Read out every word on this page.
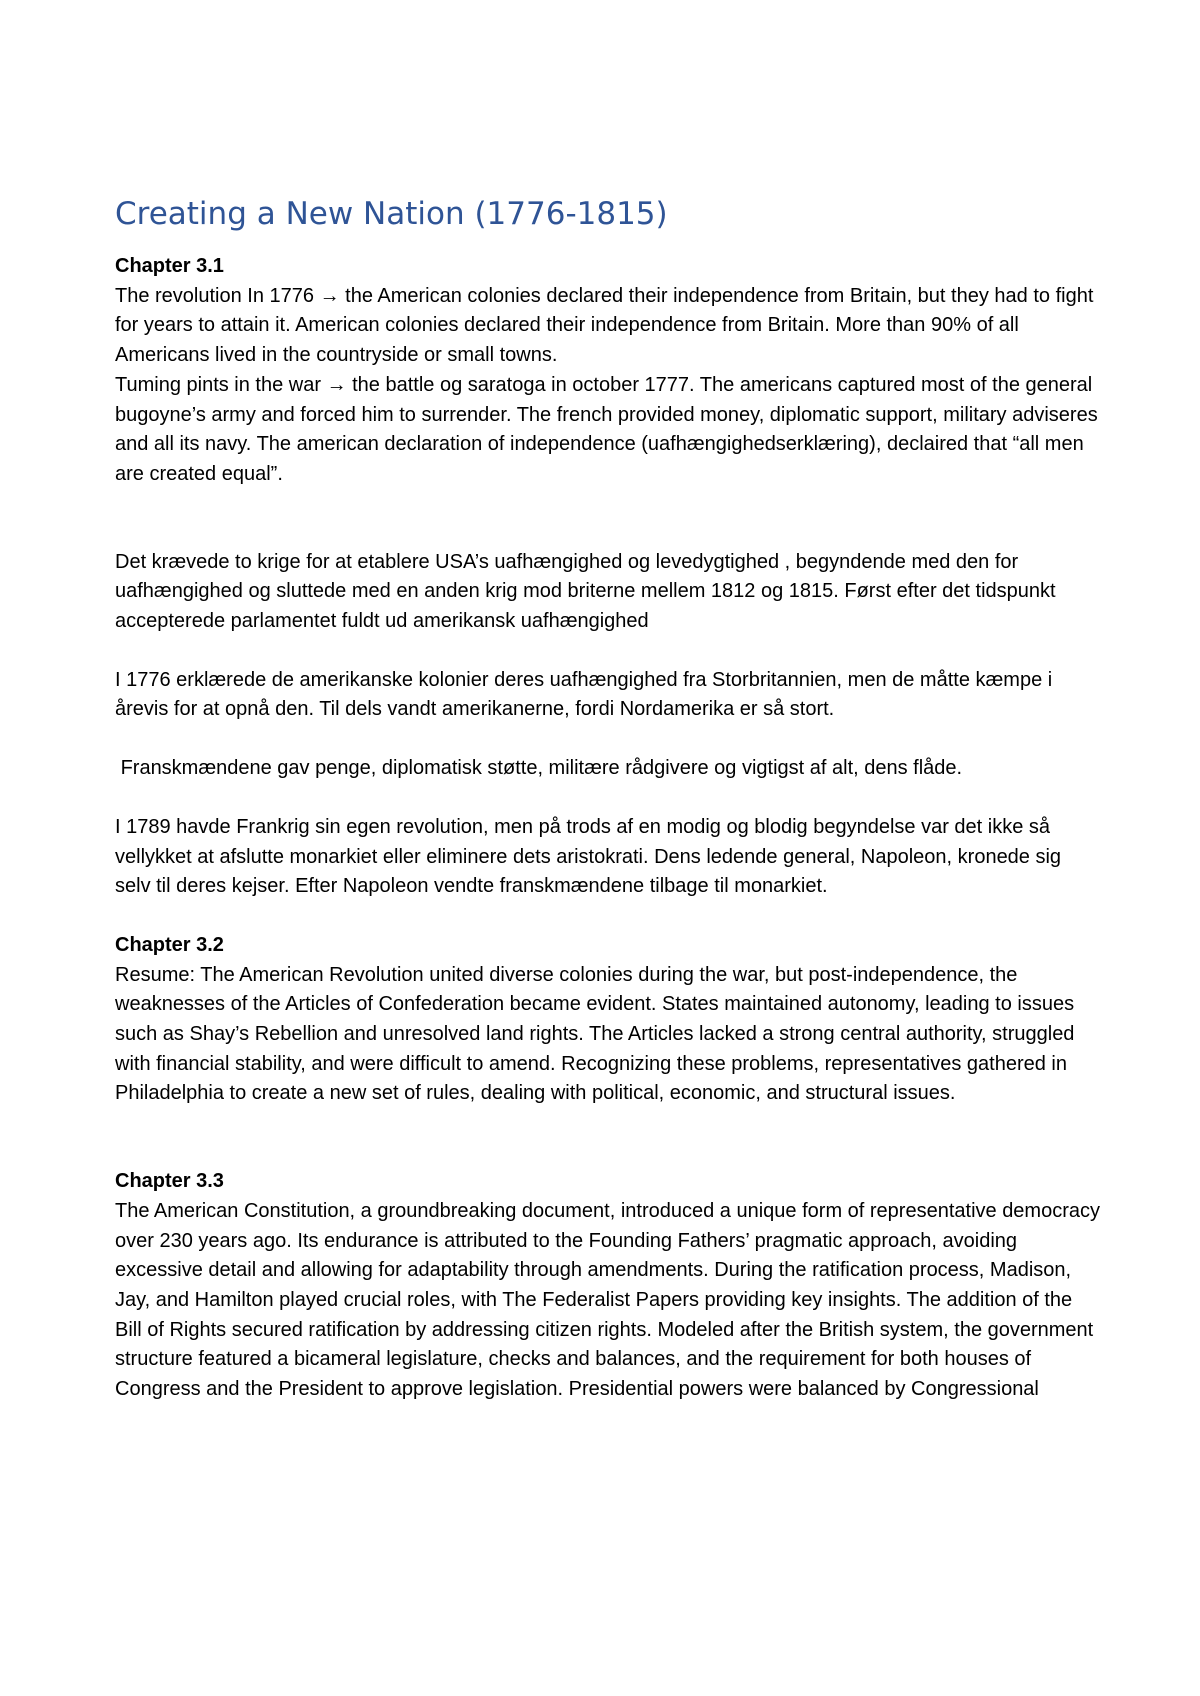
Creating a New Nation (1776-1815)

Chapter 3.1

The revolution In 1776 → the American colonies declared their independence from Britain, but they had to fight for years to attain it. American colonies declared their independence from Britain. More than 90% of all Americans lived in the countryside or small towns.

Tuming pints in the war → the battle og saratoga in october 1777. The americans captured most of the general bugoyne’s army and forced him to surrender. The french provided money, diplomatic support, military adviseres and all its navy. The american declaration of independence (uafhængighedserklæring), declaired that “all men are created equal”.

Det krævede to krige for at etablere USA’s uafhængighed og levedygtighed , begyndende med den for uafhængighed og sluttede med en anden krig mod briterne mellem 1812 og 1815. Først efter det tidspunkt accepterede parlamentet fuldt ud amerikansk uafhængighed

I 1776 erklærede de amerikanske kolonier deres uafhængighed fra Storbritannien, men de måtte kæmpe i årevis for at opnå den. Til dels vandt amerikanerne, fordi Nordamerika er så stort.

Franskmændene gav penge, diplomatisk støtte, militære rådgivere og vigtigst af alt, dens flåde.

I 1789 havde Frankrig sin egen revolution, men på trods af en modig og blodig begyndelse var det ikke så vellykket at afslutte monarkiet eller eliminere dets aristokrati. Dens ledende general, Napoleon, kronede sig selv til deres kejser. Efter Napoleon vendte franskmændene tilbage til monarkiet.

Chapter 3.2

Resume: The American Revolution united diverse colonies during the war, but post-independence, the weaknesses of the Articles of Confederation became evident. States maintained autonomy, leading to issues such as Shay’s Rebellion and unresolved land rights. The Articles lacked a strong central authority, struggled with financial stability, and were difficult to amend. Recognizing these problems, representatives gathered in Philadelphia to create a new set of rules, dealing with political, economic, and structural issues.

Chapter 3.3

The American Constitution, a groundbreaking document, introduced a unique form of representative democracy over 230 years ago. Its endurance is attributed to the Founding Fathers’ pragmatic approach, avoiding excessive detail and allowing for adaptability through amendments. During the ratification process, Madison, Jay, and Hamilton played crucial roles, with The Federalist Papers providing key insights. The addition of the Bill of Rights secured ratification by addressing citizen rights. Modeled after the British system, the government structure featured a bicameral legislature, checks and balances, and the requirement for both houses of Congress and the President to approve legislation. Presidential powers were balanced by Congressional
